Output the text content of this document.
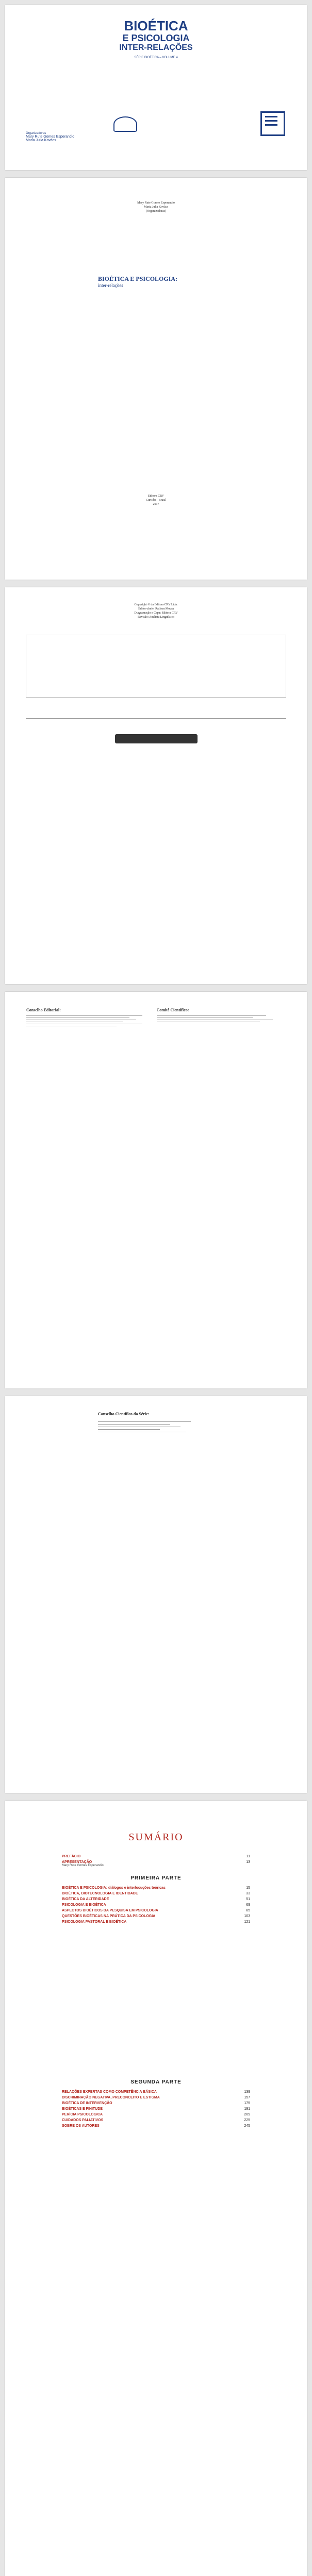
BIOÉTICA
E PSICOLOGIA
INTER-RELAÇÕES
SÉRIE BIOÉTICA – VOLUME 4
Organizadoras
Mary Rute Gomes Esperandio
Maria Julia Kovács
Mary Rute Gomes Esperandio
Maria Julia Kovács
(Organizadoras)
BIOÉTICA E PSICOLOGIA:
inter-relações
Editora CRV
Curitiba - Brasil
2017
Copyright © da Editora CRV Ltda.
Editor-chefe: Railson Moura
Diagramação e Capa: Editora CRV
Revisão: Analista Linguístico
Conselho Editorial:	Comitê Científico:
Conselho Científico da Série:
SUMÁRIO
PREFÁCIO	11
APRESENTAÇÃO	13
Mary Rute Gomes Esperandio
PRIMEIRA PARTE
BIOÉTICA E PSICOLOGIA: diálogos e interlocuções teóricas	15
BIOÉTICA, BIOTECNOLOGIA E IDENTIDADE	33
BIOÉTICA DA ALTERIDADE	51
PSICOLOGIA E BIOÉTICA	69
ASPECTOS BIOÉTICOS DA PESQUISA EM PSICOLOGIA	85
QUESTÕES BIOÉTICAS NA PRÁTICA DA PSICOLOGIA	103
PSICOLOGIA PASTORAL E BIOÉTICA	121
SEGUNDA PARTE
RELAÇÕES EXPERTAS COMO COMPETÊNCIA BÁSICA	139
DISCRIMINAÇÃO NEGATIVA, PRECONCEITO E ESTIGMA	157
BIOÉTICA DE INTERVENÇÃO	175
BIOÉTICAS E FINITUDE	191
PERÍCIA PSICOLÓGICA	209
CUIDADOS PALIATIVOS	225
SOBRE OS AUTORES	245
